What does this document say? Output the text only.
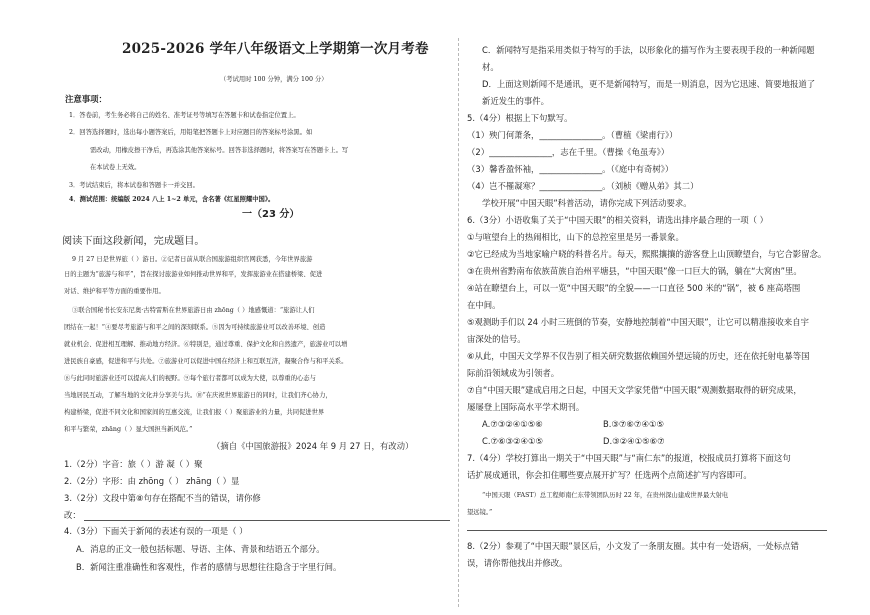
2025-2026 学年八年级语文上学期第一次月考卷
（考试用时 100 分钟，满分 100 分）
注意事项：
1．答卷前，考生务必将自己的姓名、准考证号等填写在答题卡和试卷指定位置上。
2．回答选择题时，选出每小题答案后，用铅笔把答题卡上对应题目的答案标号涂黑。如
需改动，用橡皮擦干净后，再选涂其他答案标号。回答非选择题时，将答案写在答题卡上。写
在本试卷上无效。
3．考试结束后，将本试卷和答题卡一并交回。
4．测试范围：统编版 2024 八上 1~2 单元，含名著《红星照耀中国》。
一（23 分）
阅读下面这段新闻，完成题目。
9 月 27 日是世界旅（ ）游日。②记者日前从联合国旅游组织官网获悉，今年世界旅游
日的主题为“旅游与和平”，旨在探讨旅游业如何推动世界和平，发挥旅游业在搭建桥梁、促进
对话、维护和平等方面的重要作用。
③联合国秘书长安东尼奥·古特雷斯在世界旅游日由 zhōng（ ）地感慨道：“旅游让人们
团结在一起！”④要尽考旅游与和平之间的深刻联系。⑤因为可持续旅游业可以改善环境、创造
就业机会、促进相互理解、推动地方经济。⑥特别是，通过尊重、保护文化和自然遗产，旅游业可以增
进民族自豪感，促进和平与共处。⑦旅游业可以促进中国在经济上和互联互济，凝聚合作与和平关系。
⑧与此同时旅游业还可以提高人们的视野。⑨每个旅行者都可以成为大使，以尊重的心态与
当地居民互动，了解当地的文化并分享美与共。⑩“在庆祝世界旅游日的同时，让我们齐心协力，
构建桥梁，促进不同文化和国家间的互惠交流，让我们报（ ）聚旅游业的力量，共同促进世界
和平与繁荣，zhāng（ ）显大国担当新风范。”
（摘自《中国旅游报》2024 年 9 月 27 日，有改动）
1.（2分）字音：旅（ ）游 凝（ ）聚
2.（2分）字形：由 zhōng（ ） zhāng（ ）显
3.（2分）文段中第⑧句存在搭配不当的错误，请你修
改：
4.（3分）下面关于新闻的表述有误的一项是（ ）
A．消息的正文一般包括标题、导语、主体、背景和结语五个部分。
B．新闻注重准确性和客观性，作者的感情与思想往往隐含于字里行间。
C．新闻特写是指采用类似于特写的手法，以形象化的描写作为主要表现手段的一种新闻题
材。
D．上面这则新闻不是通讯，更不是新闻特写，而是一则消息，因为它迅速、简要地报道了
新近发生的事件。
5.（4分）根据上下句默写。
（1）殃门何萧条，_______________。（曹植《梁甫行》）
（2）_______________，志在千里。（曹操《龟虽寿》）
（3）馨香盈怀袖，_______________。（《庭中有奇树》）
（4）岂不罹凝寒？_______________。（刘桢《赠从弟》其二）
学校开展“中国天眼”科普活动，请你完成下列活动要求。
6.（3分）小语收集了关于“中国天眼”的相关资料，请选出排序最合理的一项（ ）
①与喧望台上的热闹相比，山下的总控室里是另一番景象。
②它已经成为当地家喻户晓的科普名片。每天，熙熙攘攘的游客登上山顶瞭望台，与它合影留念。
③在贵州省黔南布依族苗族自治州平塘县，“中国天眼”像一口巨大的锅，躺在“大窝凼”里。
④站在瞭望台上，可以一览“中国天眼”的全貌——一口直径 500 米的“锅”，被 6 座高塔围
在中间。
⑤观测助手们以 24 小时三班倒的节奏，安静地控制着“中国天眼”，让它可以精准接收来自宇
宙深处的信号。
⑥从此，中国天文学界不仅告别了相关研究数据依赖国外望远镜的历史，还在依托射电暴等国
际前沿领域成为引领者。
⑦自“中国天眼”建成启用之日起，中国天文学家凭借“中国天眼”观测数据取得的研究成果，
屡屡登上国际高水平学术期刊。
A.⑦③②④①⑤⑥	B.③⑦⑥⑦④①⑤
C.⑦⑥③②④①⑤	D.③②④①⑤⑥⑦
7.（4分）学校打算出一期关于“中国天眼”与“南仁东”的报道，校报成员打算将下面这句
话扩展成通讯，你会扣住哪些要点展开扩写？任选两个点简述扩写内容即可。
“中国天眼（FAST）总工程师南仁东带领团队历时 22 年，在贵州深山建成世界最大射电
望远镜。”
8.（2分）参观了“中国天眼”景区后，小文发了一条朋友圈。其中有一处语病，一处标点错
误，请你帮他找出并修改。
